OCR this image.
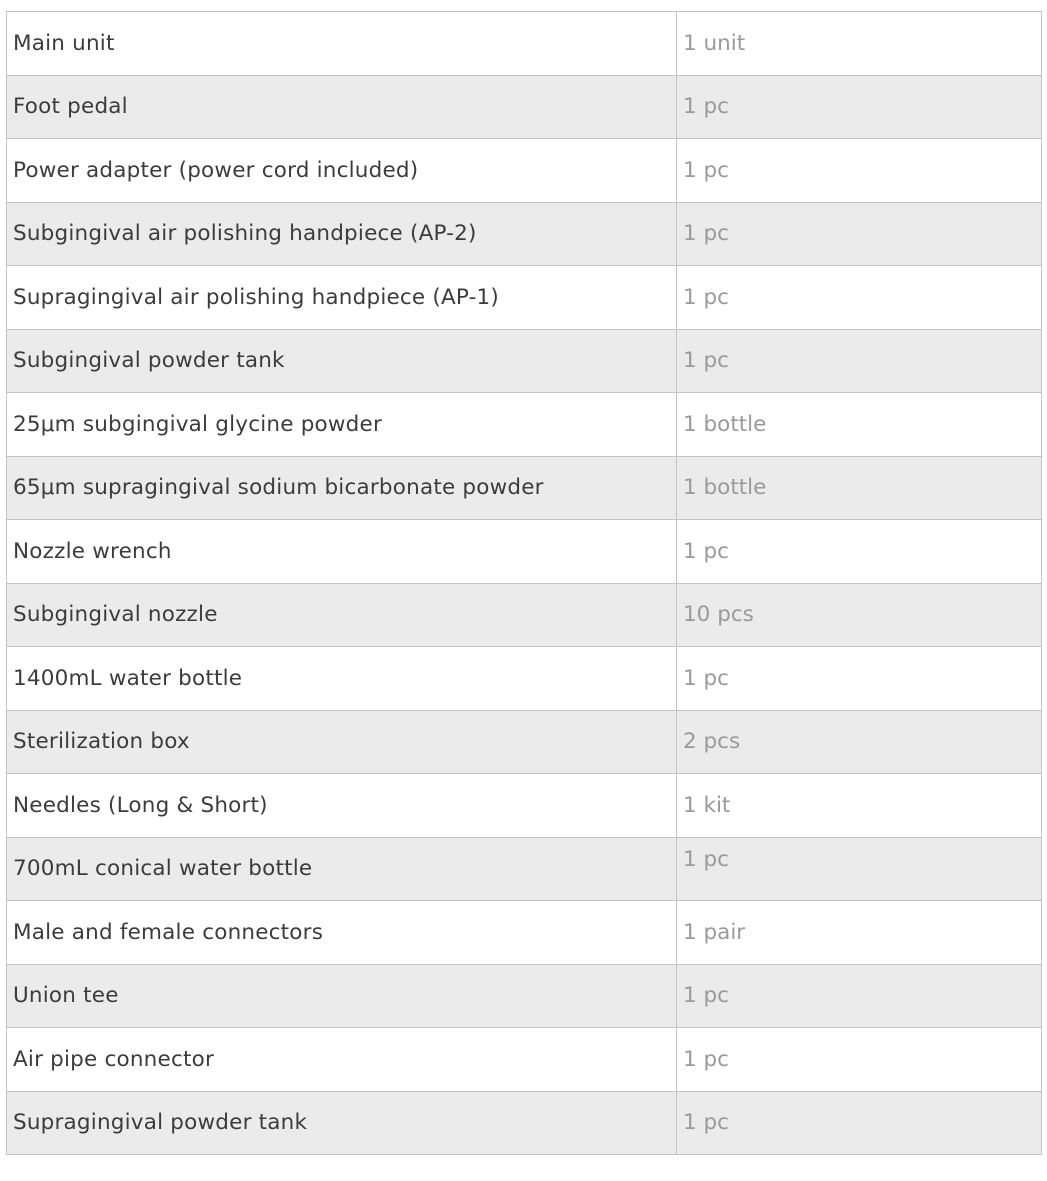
Main unit	1 unit
Foot pedal	1 pc
Power adapter (power cord included)	1 pc
Subgingival air polishing handpiece (AP-2)	1 pc
Supragingival air polishing handpiece (AP-1)	1 pc
Subgingival powder tank	1 pc
25μm subgingival glycine powder	1 bottle
65μm supragingival sodium bicarbonate powder	1 bottle
Nozzle wrench	1 pc
Subgingival nozzle	10 pcs
1400mL water bottle	1 pc
Sterilization box	2 pcs
Needles (Long & Short)	1 kit
700mL conical water bottle	1 pc
Male and female connectors	1 pair
Union tee	1 pc
Air pipe connector	1 pc
Supragingival powder tank	1 pc
